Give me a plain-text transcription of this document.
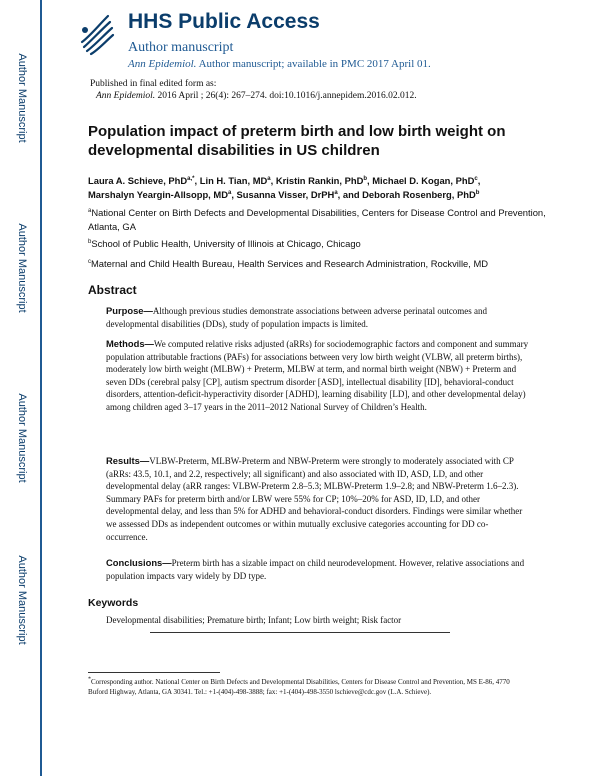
Author Manuscript
Author Manuscript
Author Manuscript
Author Manuscript
HHS Public Access
Author manuscript
Ann Epidemiol. Author manuscript; available in PMC 2017 April 01.
Published in final edited form as:
Ann Epidemiol. 2016 April ; 26(4): 267–274. doi:10.1016/j.annepidem.2016.02.012.
Population impact of preterm birth and low birth weight on developmental disabilities in US children
Laura A. Schieve, PhD$^{a,*}$, Lin H. Tian, $MD^a$, Kristin Rankin, PhD$^b$, Michael D. Kogan, PhD$^c$, Marshalyn Yeargin-Allsopp, $MD^a$, Susanna Visser, DrPH$^a$, and Deborah Rosenberg, PhD$^b$
$^a$National Center on Birth Defects and Developmental Disabilities, Centers for Disease Control and Prevention, Atlanta, GA
$^b$School of Public Health, University of Illinois at Chicago, Chicago
$^c$Maternal and Child Health Bureau, Health Services and Research Administration, Rockville, MD
Abstract
Purpose—Although previous studies demonstrate associations between adverse perinatal outcomes and developmental disabilities (DDs), study of population impacts is limited.
Methods—We computed relative risks adjusted (aRRs) for sociodemographic factors and component and summary population attributable fractions (PAFs) for associations between very low birth weight (VLBW, all preterm births), moderately low birth weight (MLBW) + Preterm, MLBW at term, and normal birth weight (NBW) + Preterm and seven DDs (cerebral palsy [CP], autism spectrum disorder [ASD], intellectual disability [ID], behavioral-conduct disorders, attention-deficit-hyperactivity disorder [ADHD], learning disability [LD], and other developmental delay) among children aged 3–17 years in the 2011–2012 National Survey of Children’s Health.
Results—VLBW-Preterm, MLBW-Preterm and NBW-Preterm were strongly to moderately associated with CP (aRRs: 43.5, 10.1, and 2.2, respectively; all significant) and also associated with ID, ASD, LD, and other developmental delay (aRR ranges: VLBW-Preterm 2.8–5.3; MLBW-Preterm 1.9–2.8; and NBW-Preterm 1.6–2.3). Summary PAFs for preterm birth and/or LBW were 55% for CP; 10%–20% for ASD, ID, LD, and other developmental delay, and less than 5% for ADHD and behavioral-conduct disorders. Findings were similar whether we assessed DDs as independent outcomes or within mutually exclusive categories accounting for DD co-occurrence.
Conclusions—Preterm birth has a sizable impact on child neurodevelopment. However, relative associations and population impacts vary widely by DD type.
Keywords
Developmental disabilities; Premature birth; Infant; Low birth weight; Risk factor
*Corresponding author. National Center on Birth Defects and Developmental Disabilities, Centers for Disease Control and Prevention, MS E-86, 4770 Buford Highway, Atlanta, GA 30341. Tel.: +1-(404)-498-3888; fax: +1-(404)-498-3550 lschieve@cdc.gov (L.A. Schieve).
